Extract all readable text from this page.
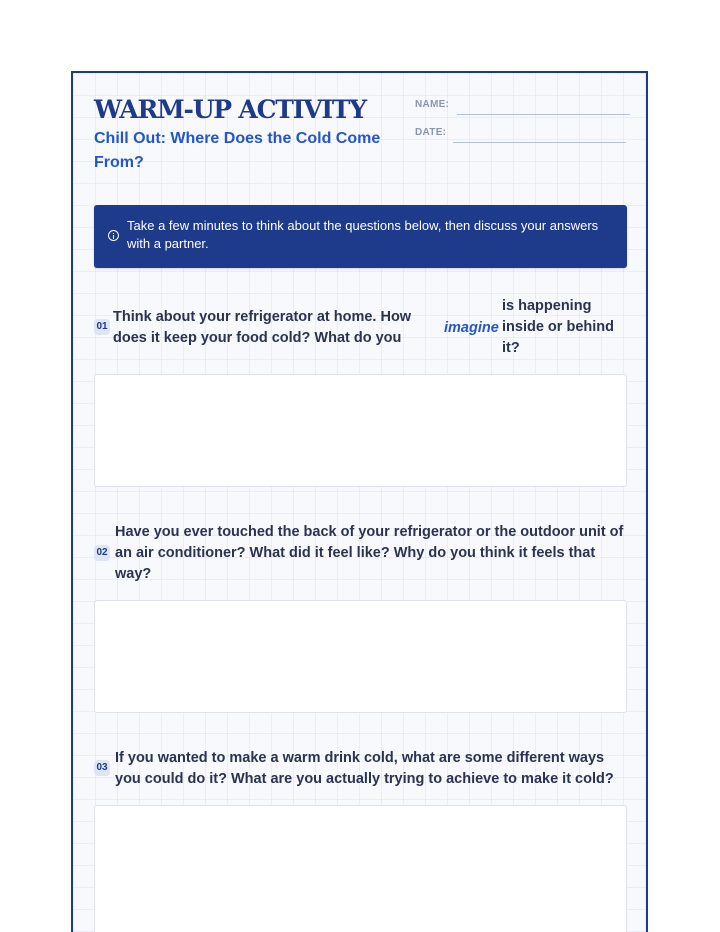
WARM-UP ACTIVITY
Chill Out: Where Does the Cold Come From?
NAME:
DATE:
Take a few minutes to think about the questions below, then discuss your answers with a partner.
01
Think about your refrigerator at home. How does it keep your food cold? What do you
imagine
is happening inside or behind it?
02
Have you ever touched the back of your refrigerator or the outdoor unit of an air conditioner? What did it feel like? Why do you think it feels that way?
03
If you wanted to make a warm drink cold, what are some different ways you could do it? What are you actually trying to achieve to make it cold?
